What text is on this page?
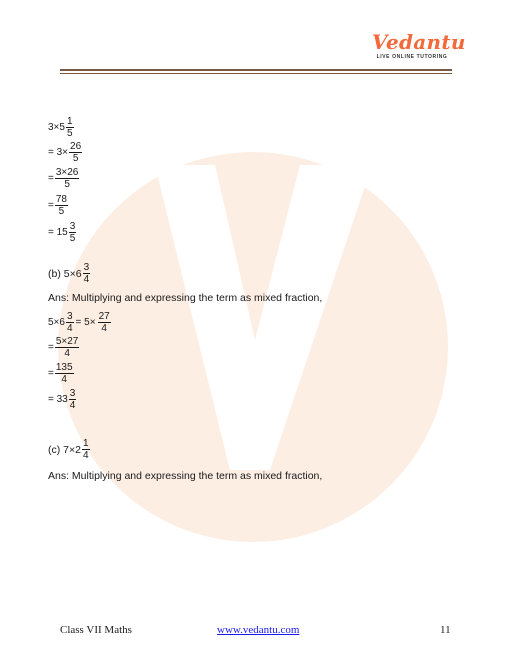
Vedantu
LIVE ONLINE TUTORING
$3\times 5 \frac{1}{5}$
= $3\times \frac{26}{5}$
= $\frac{3\times 26}{5}$
= $\frac{78}{5}$
= $15 \frac{3}{5}$
(b)
$5\times 6 \frac{3}{4}$
Ans: Multiplying and expressing the term as mixed fraction,
$5\times 6 \frac{3}{4} = 5\times \frac{27}{4}$
= $\frac{5\times 27}{4}$
= $\frac{135}{4}$
= $33 \frac{3}{4}$
(c)
$7\times 2 \frac{1}{4}$
Ans: Multiplying and expressing the term as mixed fraction,
Class VII Maths	www.vedantu.com	11
